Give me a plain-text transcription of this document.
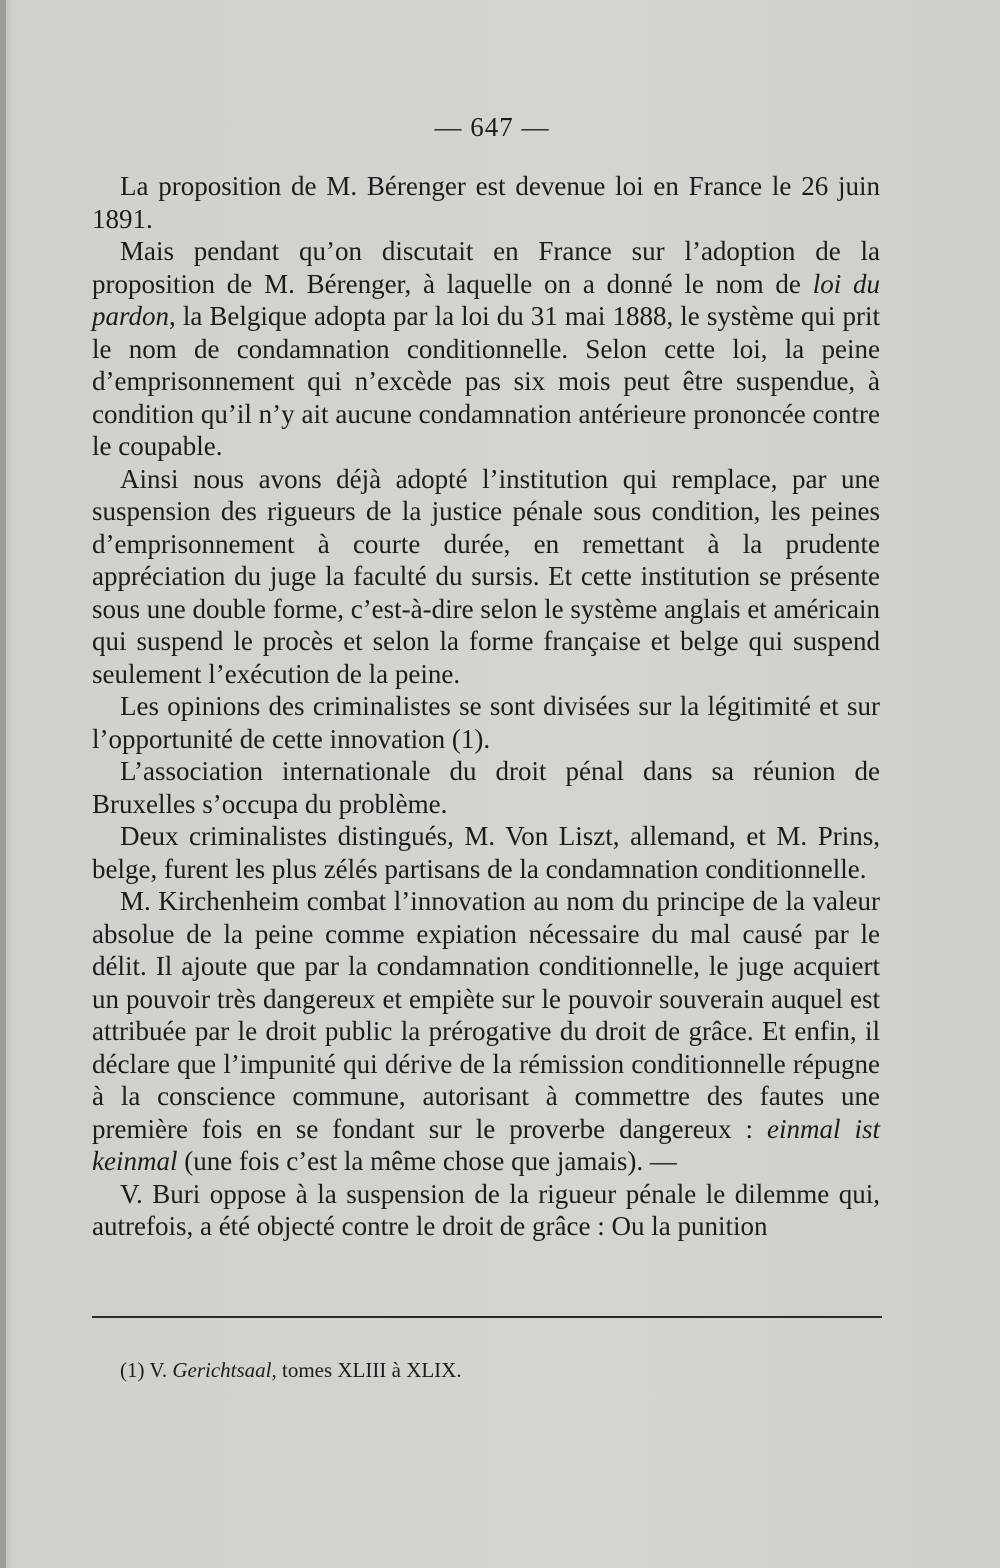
— 647 —

La proposition de M. Bérenger est devenue loi en France le 26 juin 1891.

Mais pendant qu’on discutait en France sur l’adoption de la proposition de M. Bérenger, à laquelle on a donné le nom de loi du pardon, la Belgique adopta par la loi du 31 mai 1888, le système qui prit le nom de condamnation conditionnelle. Selon cette loi, la peine d’emprisonnement qui n’excède pas six mois peut être suspendue, à condition qu’il n’y ait aucune condamnation antérieure prononcée contre le coupable.

Ainsi nous avons déjà adopté l’institution qui remplace, par une suspension des rigueurs de la justice pénale sous condition, les peines d’emprisonnement à courte durée, en remettant à la prudente appréciation du juge la faculté du sursis. Et cette institution se présente sous une double forme, c’est-à-dire selon le système anglais et américain qui suspend le procès et selon la forme française et belge qui suspend seulement l’exécution de la peine.

Les opinions des criminalistes se sont divisées sur la légitimité et sur l’opportunité de cette innovation (1).

L’association internationale du droit pénal dans sa réunion de Bruxelles s’occupa du problème.

Deux criminalistes distingués, M. Von Liszt, allemand, et M. Prins, belge, furent les plus zélés partisans de la condamnation conditionnelle.

M. Kirchenheim combat l’innovation au nom du principe de la valeur absolue de la peine comme expiation nécessaire du mal causé par le délit. Il ajoute que par la condamnation conditionnelle, le juge acquiert un pouvoir très dangereux et empiète sur le pouvoir souverain auquel est attribuée par le droit public la prérogative du droit de grâce. Et enfin, il déclare que l’impunité qui dérive de la rémission conditionnelle répugne à la conscience commune, autorisant à commettre des fautes une première fois en se fondant sur le proverbe dangereux : einmal ist keinmal (une fois c’est la même chose que jamais). —

V. Buri oppose à la suspension de la rigueur pénale le dilemme qui, autrefois, a été objecté contre le droit de grâce : Ou la punition

(1) V. Gerichtsaal, tomes XLIII à XLIX.
